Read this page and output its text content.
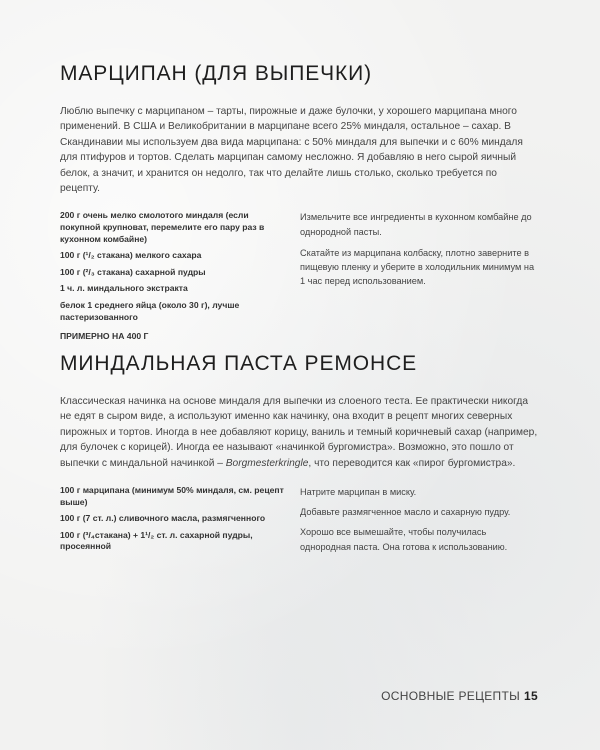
МАРЦИПАН (ДЛЯ ВЫПЕЧКИ)

Люблю выпечку с марципаном – тарты, пирожные и даже булочки, у хорошего марципана много применений. В США и Великобритании в марципане всего 25% миндаля, остальное – сахар. В Скандинавии мы используем два вида марципана: с 50% миндаля для выпечки и с 60% миндаля для птифуров и тортов. Сделать марципан самому несложно. Я добавляю в него сырой яичный белок, а значит, и хранится он недолго, так что делайте лишь столько, сколько требуется по рецепту.

200 г очень мелко смолотого миндаля (если покупной крупноват, перемелите его пару раз в кухонном комбайне)

100 г (¹/₂ стакана) мелкого сахара

100 г (²/₃ стакана) сахарной пудры

1 ч. л. миндального экстракта

белок 1 среднего яйца (около 30 г), лучше пастеризованного

ПРИМЕРНО НА 400 Г

Измельчите все ингредиенты в кухонном комбайне до однородной пасты.

Скатайте из марципана колбаску, плотно заверните в пищевую пленку и уберите в холодильник минимум на 1 час перед использованием.

МИНДАЛЬНАЯ ПАСТА РЕМОНСЕ

Классическая начинка на основе миндаля для выпечки из слоеного теста. Ее практически никогда не едят в сыром виде, а используют именно как начинку, она входит в рецепт многих северных пирожных и тортов. Иногда в нее добавляют корицу, ваниль и темный коричневый сахар (например, для булочек с корицей). Иногда ее называют «начинкой бургомистра». Возможно, это пошло от выпечки с миндальной начинкой – Borgmesterkringle, что переводится как «пирог бургомистра».

100 г марципана (минимум 50% миндаля, см. рецепт выше)

100 г (7 ст. л.) сливочного масла, размягченного

100 г (³/₄стакана) + 1¹/₂ ст. л. сахарной пудры, просеянной

Натрите марципан в миску.

Добавьте размягченное масло и сахарную пудру.

Хорошо все вымешайте, чтобы получилась однородная паста. Она готова к использованию.

ОСНОВНЫЕ РЕЦЕПТЫ 15
